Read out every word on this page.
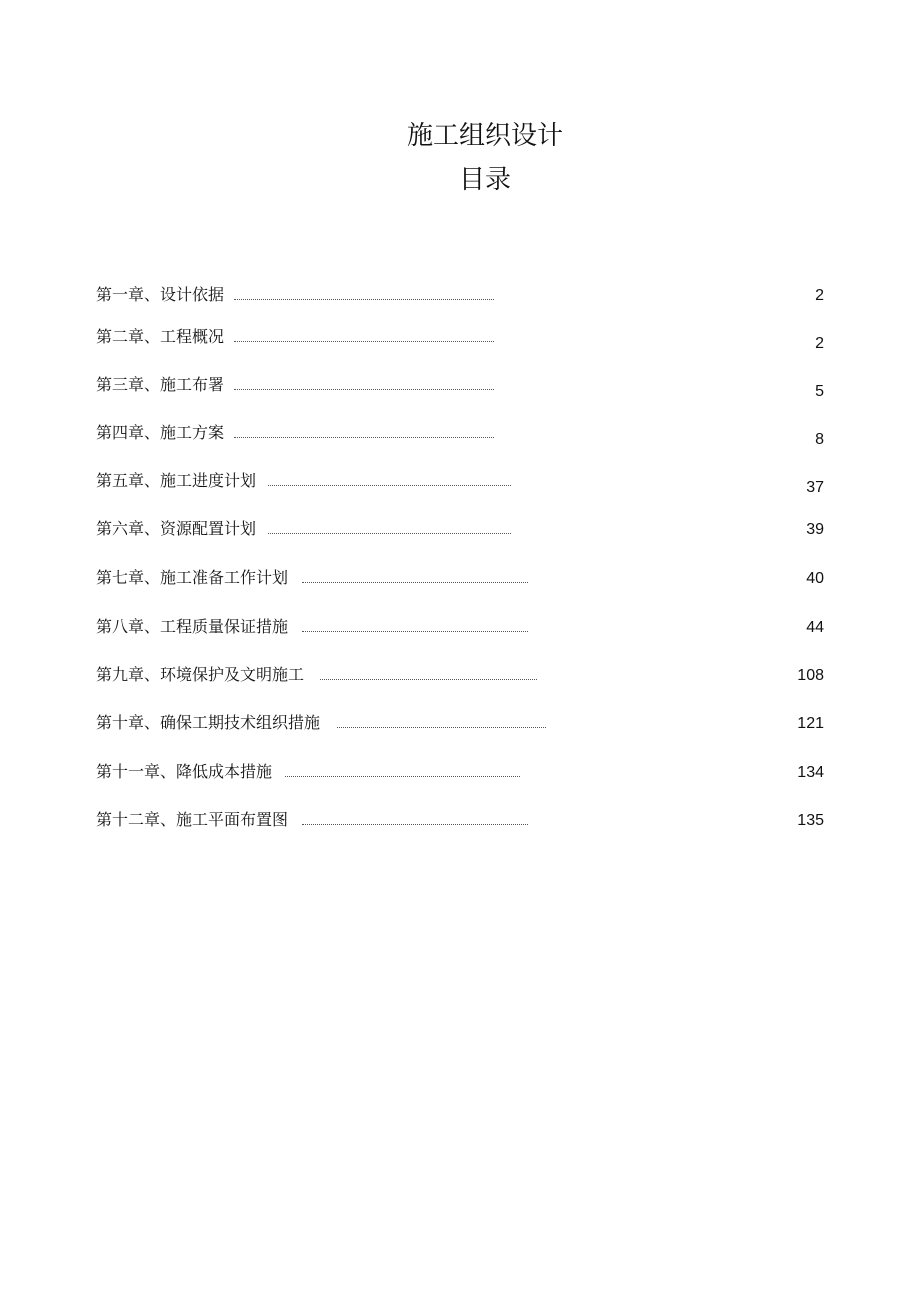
施工组织设计
目录
第一章、设计依据	2
第二章、工程概况	2
第三章、施工布署	5
第四章、施工方案	8
第五章、施工进度计划	37
第六章、资源配置计划	39
第七章、施工准备工作计划	40
第八章、工程质量保证措施	44
第九章、环境保护及文明施工	108
第十章、确保工期技术组织措施	121
第十一章、降低成本措施	134
第十二章、施工平面布置图	135
